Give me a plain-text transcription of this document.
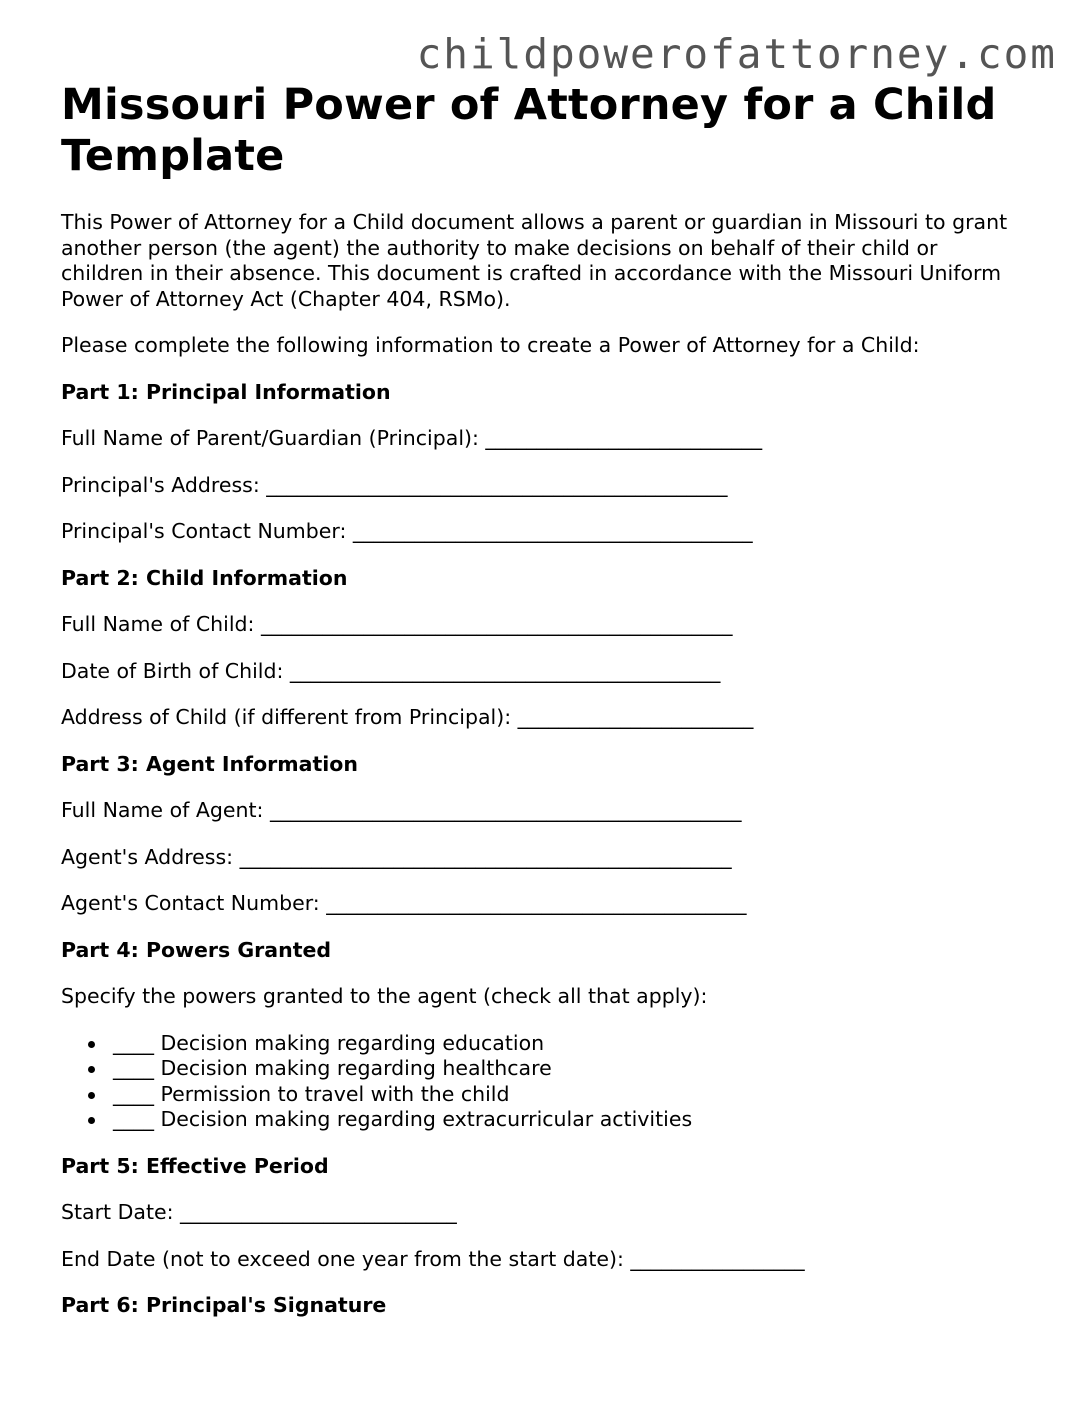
childpowerofattorney.com
Missouri Power of Attorney for a Child Template

This Power of Attorney for a Child document allows a parent or guardian in Missouri to grant another person (the agent) the authority to make decisions on behalf of their child or children in their absence. This document is crafted in accordance with the Missouri Uniform Power of Attorney Act (Chapter 404, RSMo).

Please complete the following information to create a Power of Attorney for a Child:

Part 1: Principal Information

Full Name of Parent/Guardian (Principal): ___________________________

Principal's Address: _____________________________________________

Principal's Contact Number: _______________________________________

Part 2: Child Information

Full Name of Child: ______________________________________________

Date of Birth of Child: __________________________________________

Address of Child (if different from Principal): _______________________

Part 3: Agent Information

Full Name of Agent: ______________________________________________

Agent's Address: ________________________________________________

Agent's Contact Number: _________________________________________

Part 4: Powers Granted

Specify the powers granted to the agent (check all that apply):

____ Decision making regarding education
____ Decision making regarding healthcare
____ Permission to travel with the child
____ Decision making regarding extracurricular activities

Part 5: Effective Period

Start Date: ___________________________

End Date (not to exceed one year from the start date): _________________

Part 6: Principal's Signature
